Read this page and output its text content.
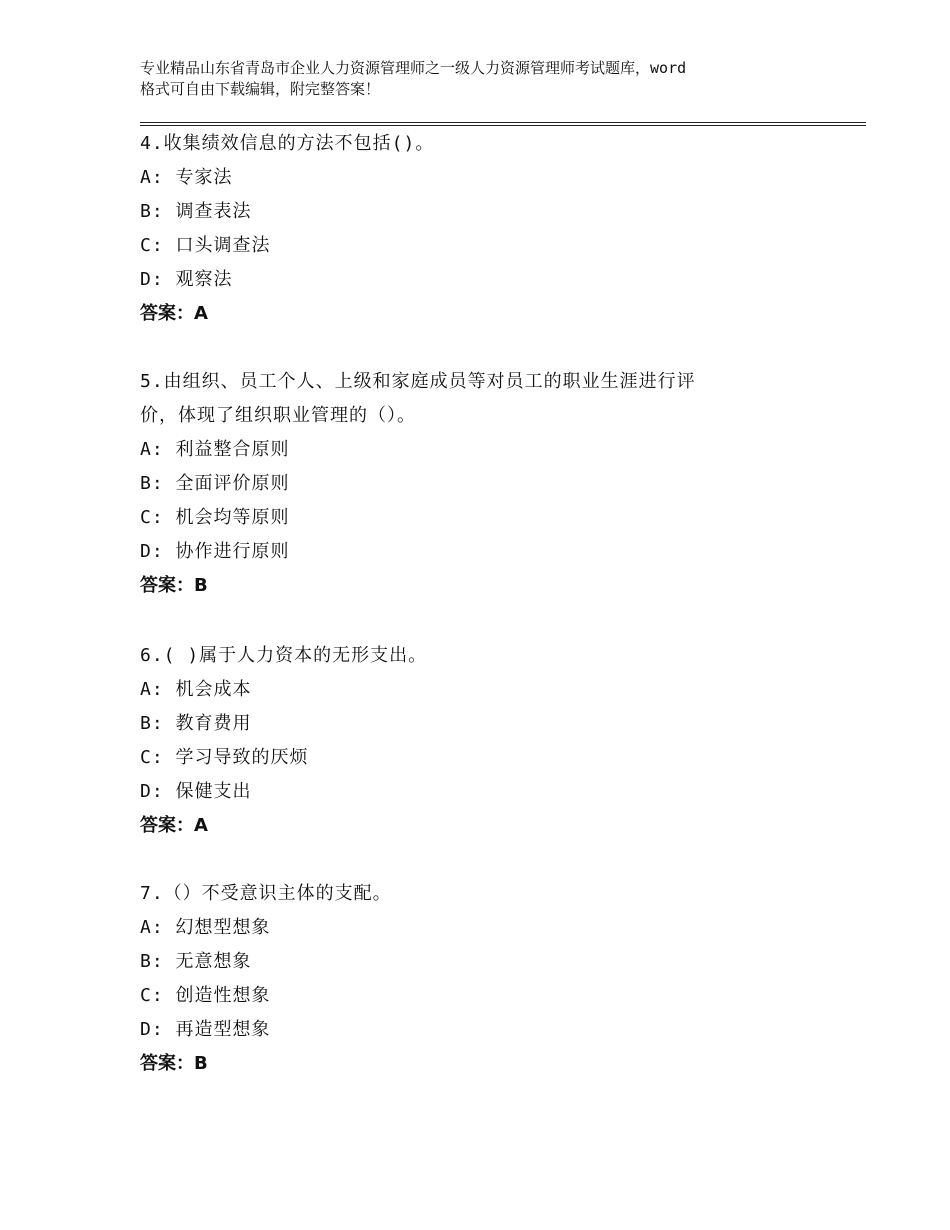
专业精品山东省青岛市企业人力资源管理师之一级人力资源管理师考试题库，word
格式可自由下载编辑，附完整答案！

4.收集绩效信息的方法不包括()。

A: 专家法

B: 调查表法

C: 口头调查法

D: 观察法

答案：A

5.由组织、员工个人、上级和家庭成员等对员工的职业生涯进行评

价，体现了组织职业管理的（）。

A: 利益整合原则

B: 全面评价原则

C: 机会均等原则

D: 协作进行原则

答案：B

6.( )属于人力资本的无形支出。

A: 机会成本

B: 教育费用

C: 学习导致的厌烦

D: 保健支出

答案：A

7.（）不受意识主体的支配。

A: 幻想型想象

B: 无意想象

C: 创造性想象

D: 再造型想象

答案：B
